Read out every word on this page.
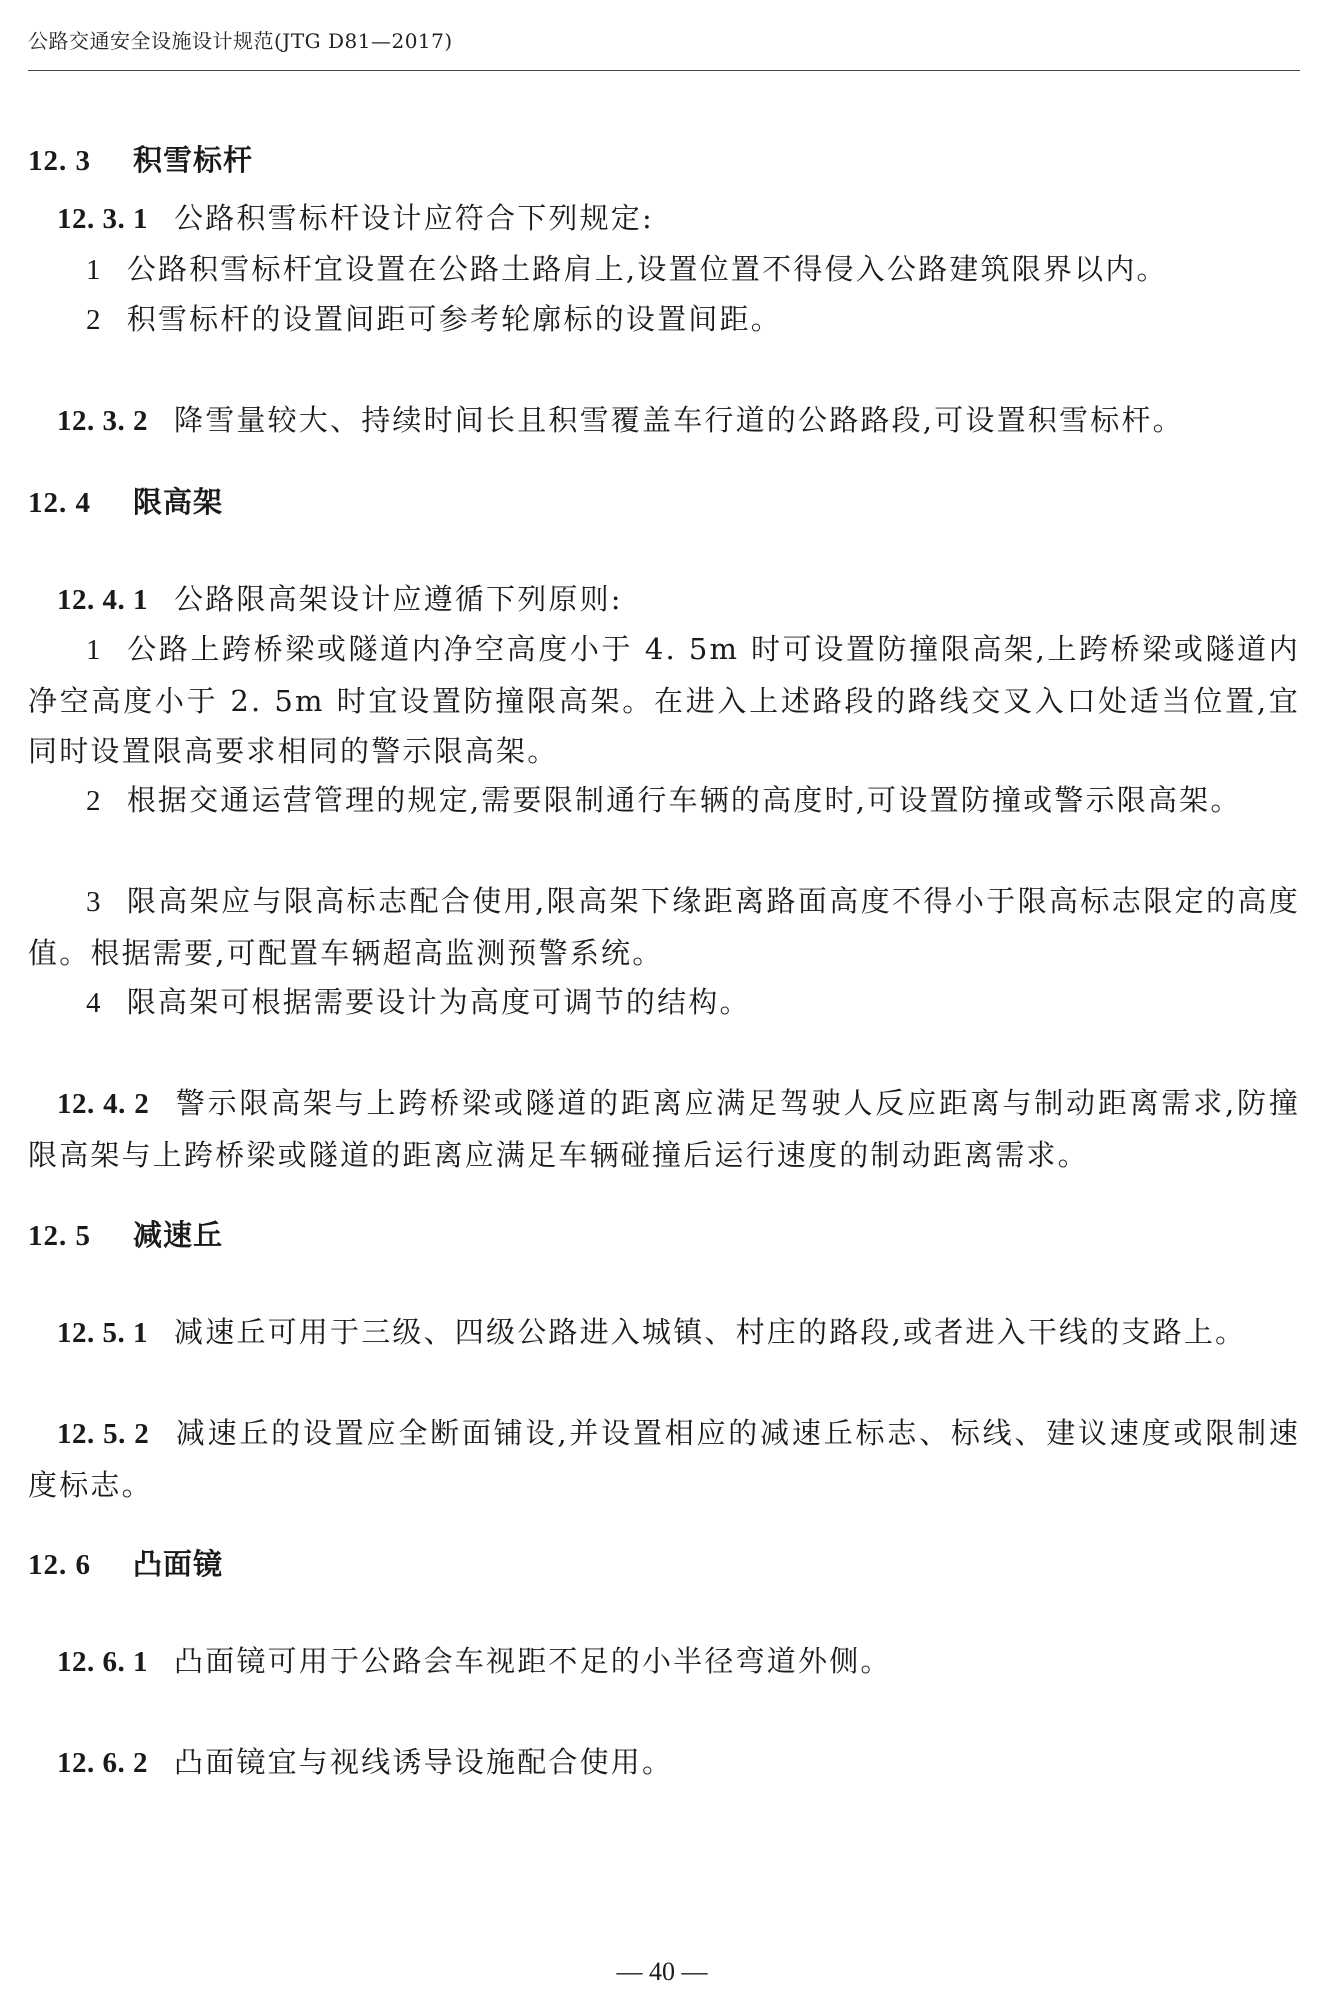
公路交通安全设施设计规范(JTG D81—2017)
12. 3 积雪标杆
12. 3. 1 公路积雪标杆设计应符合下列规定:
1 公路积雪标杆宜设置在公路土路肩上,设置位置不得侵入公路建筑限界以内。
2 积雪标杆的设置间距可参考轮廓标的设置间距。
12. 3. 2 降雪量较大、持续时间长且积雪覆盖车行道的公路路段,可设置积雪标杆。
12. 4 限高架
12. 4. 1 公路限高架设计应遵循下列原则:
1 公路上跨桥梁或隧道内净空高度小于 4. 5m 时可设置防撞限高架,上跨桥梁或隧道内净空高度小于 2. 5m 时宜设置防撞限高架。在进入上述路段的路线交叉入口处适当位置,宜同时设置限高要求相同的警示限高架。
2 根据交通运营管理的规定,需要限制通行车辆的高度时,可设置防撞或警示限高架。
3 限高架应与限高标志配合使用,限高架下缘距离路面高度不得小于限高标志限定的高度值。根据需要,可配置车辆超高监测预警系统。
4 限高架可根据需要设计为高度可调节的结构。
12. 4. 2 警示限高架与上跨桥梁或隧道的距离应满足驾驶人反应距离与制动距离需求,防撞限高架与上跨桥梁或隧道的距离应满足车辆碰撞后运行速度的制动距离需求。
12. 5 减速丘
12. 5. 1 减速丘可用于三级、四级公路进入城镇、村庄的路段,或者进入干线的支路上。
12. 5. 2 减速丘的设置应全断面铺设,并设置相应的减速丘标志、标线、建议速度或限制速度标志。
12. 6 凸面镜
12. 6. 1 凸面镜可用于公路会车视距不足的小半径弯道外侧。
12. 6. 2 凸面镜宜与视线诱导设施配合使用。
— 40 —
